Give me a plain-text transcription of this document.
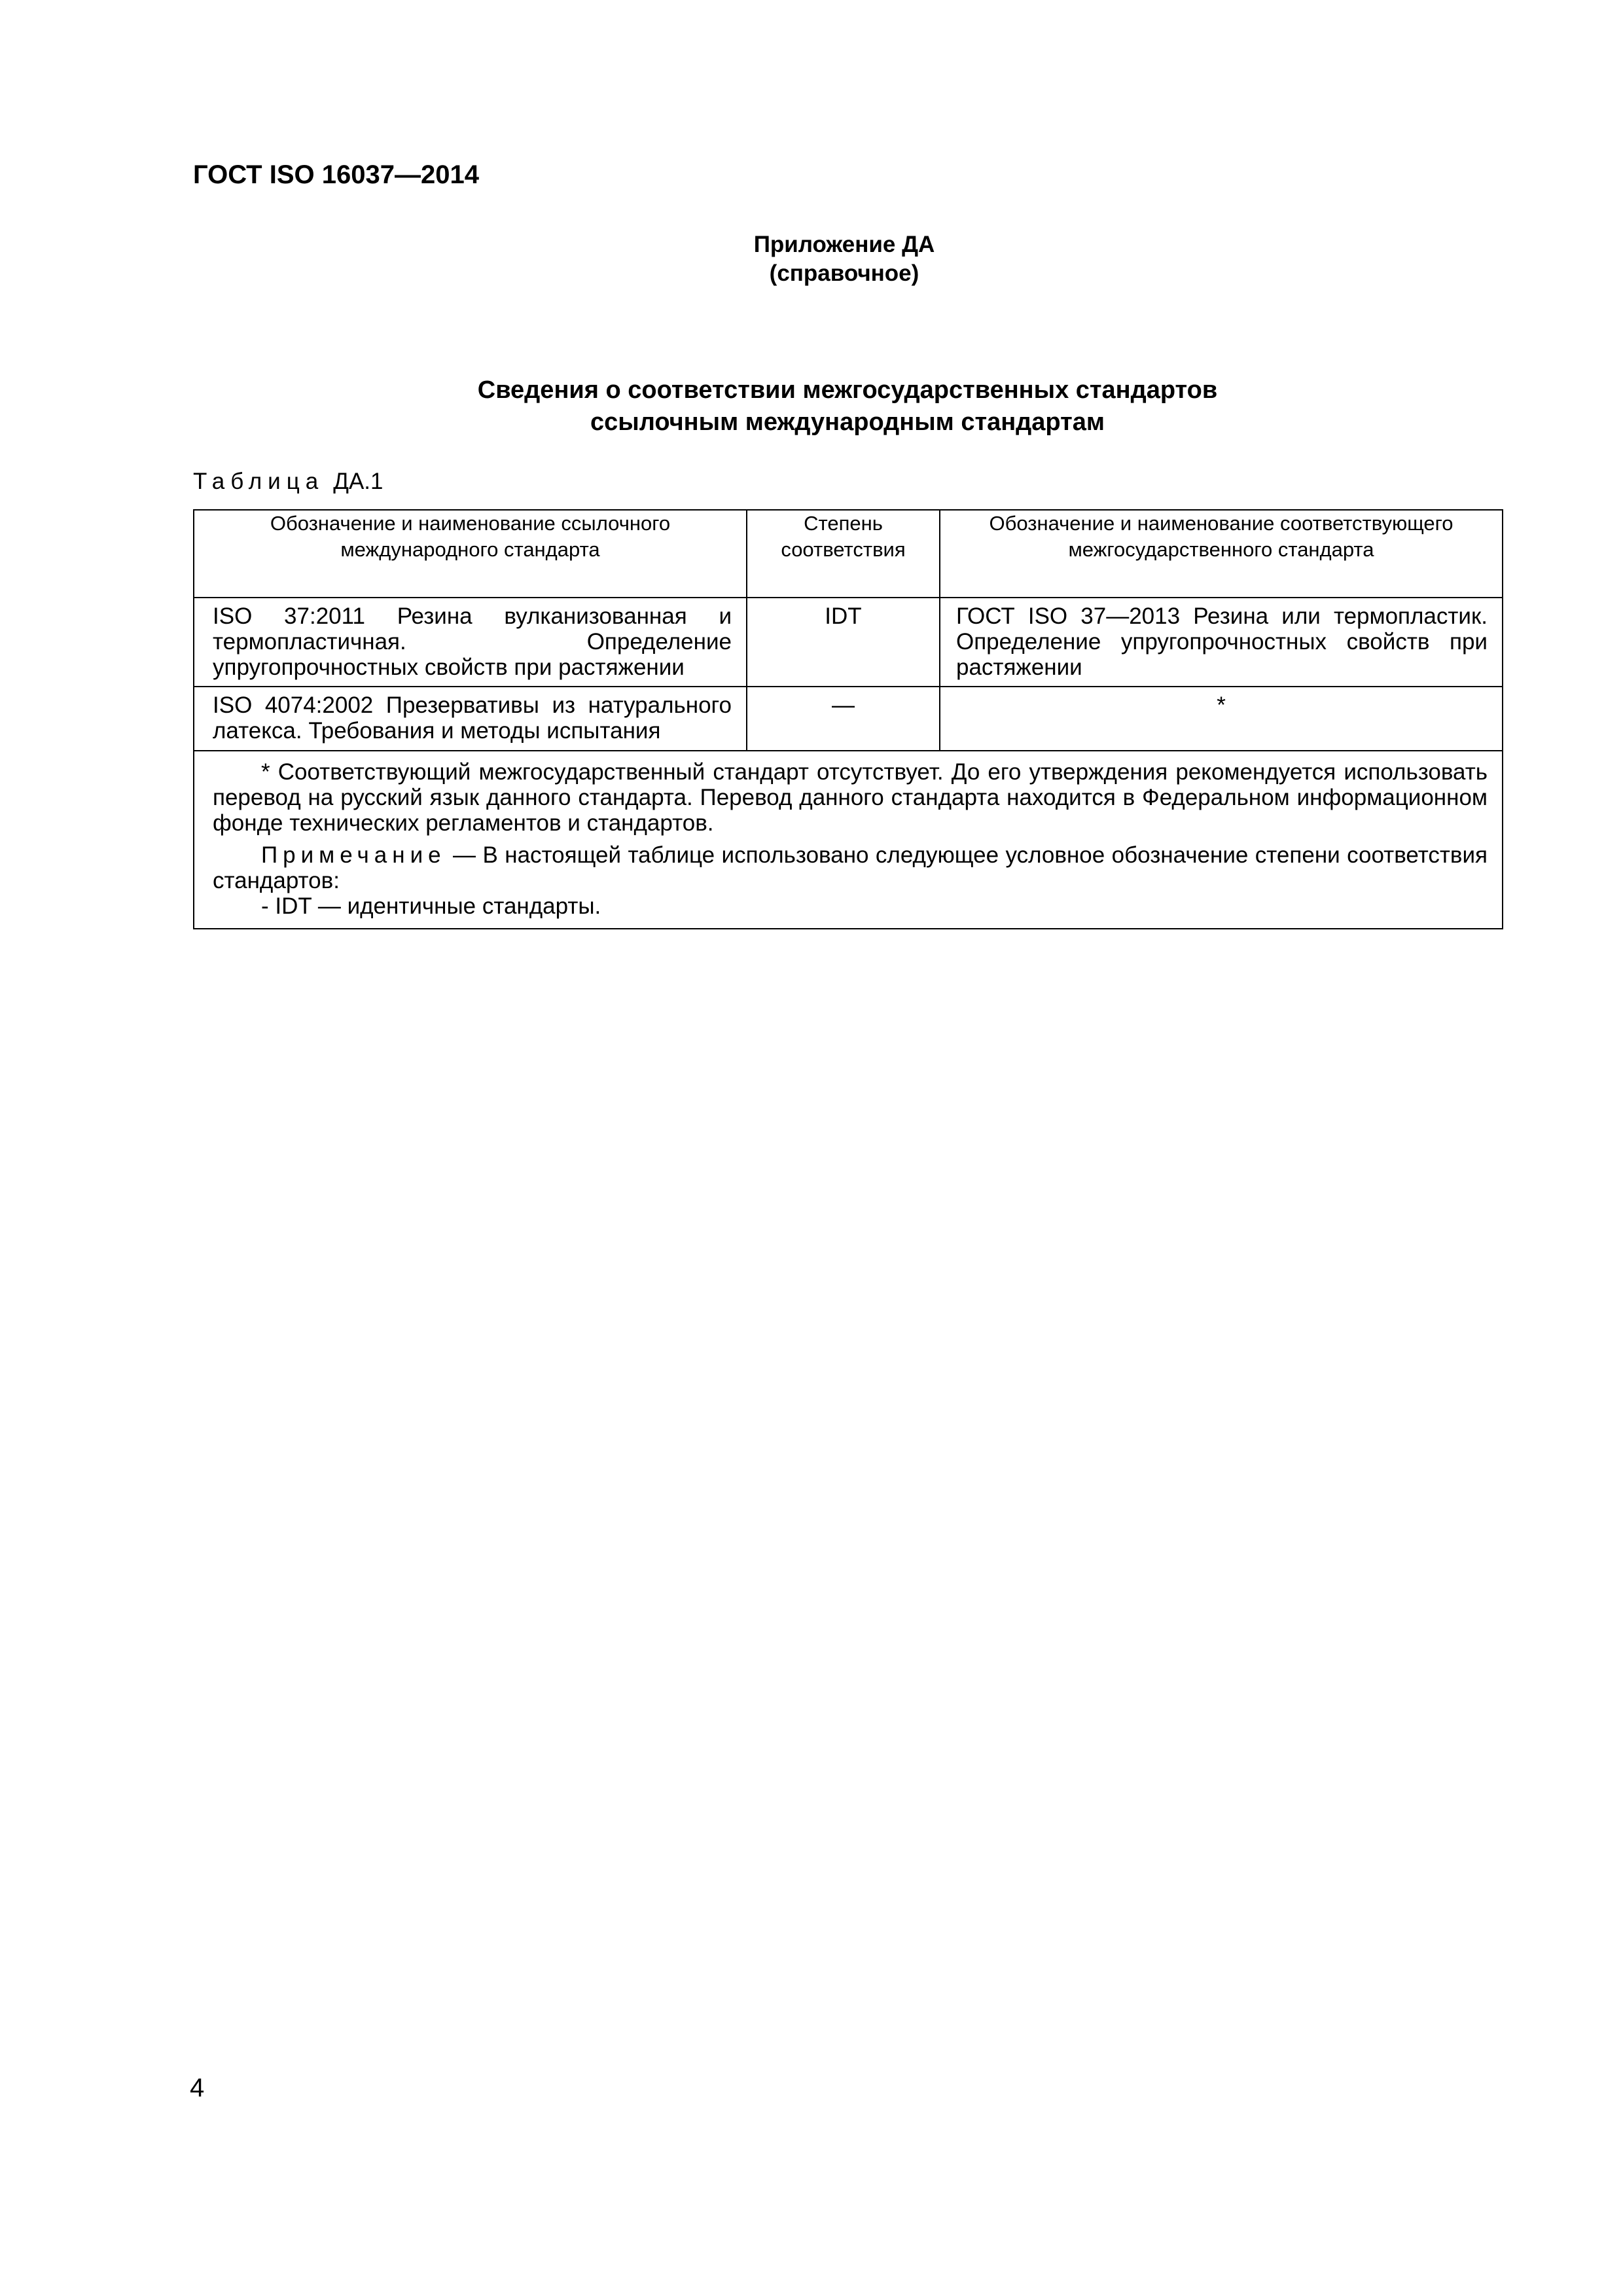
ГОСТ ISO 16037—2014
Приложение ДА
(справочное)
Сведения о соответствии межгосударственных стандартов
ссылочным международным стандартам
Таблица ДА.1
Обозначение и наименование ссылочного международного стандарта	Степень соответствия	Обозначение и наименование соответствующего межгосударственного стандарта
ISO 37:2011 Резина вулканизованная и термопластичная. Определение упругопрочностных свойств при растяжении	IDT	ГОСТ ISO 37—2013 Резина или термопластик. Определение упругопрочностных свойств при растяжении
ISO 4074:2002 Презервативы из натурального латекса. Требования и методы испытания	—	*

* Соответствующий межгосударственный стандарт отсутствует. До его утверждения рекомендуется использовать перевод на русский язык данного стандарта. Перевод данного стандарта находится в Федеральном информационном фонде технических регламентов и стандартов.

Примечание — В настоящей таблице использовано следующее условное обозначение степени соответствия стандартов:

- IDT — идентичные стандарты.		
4
